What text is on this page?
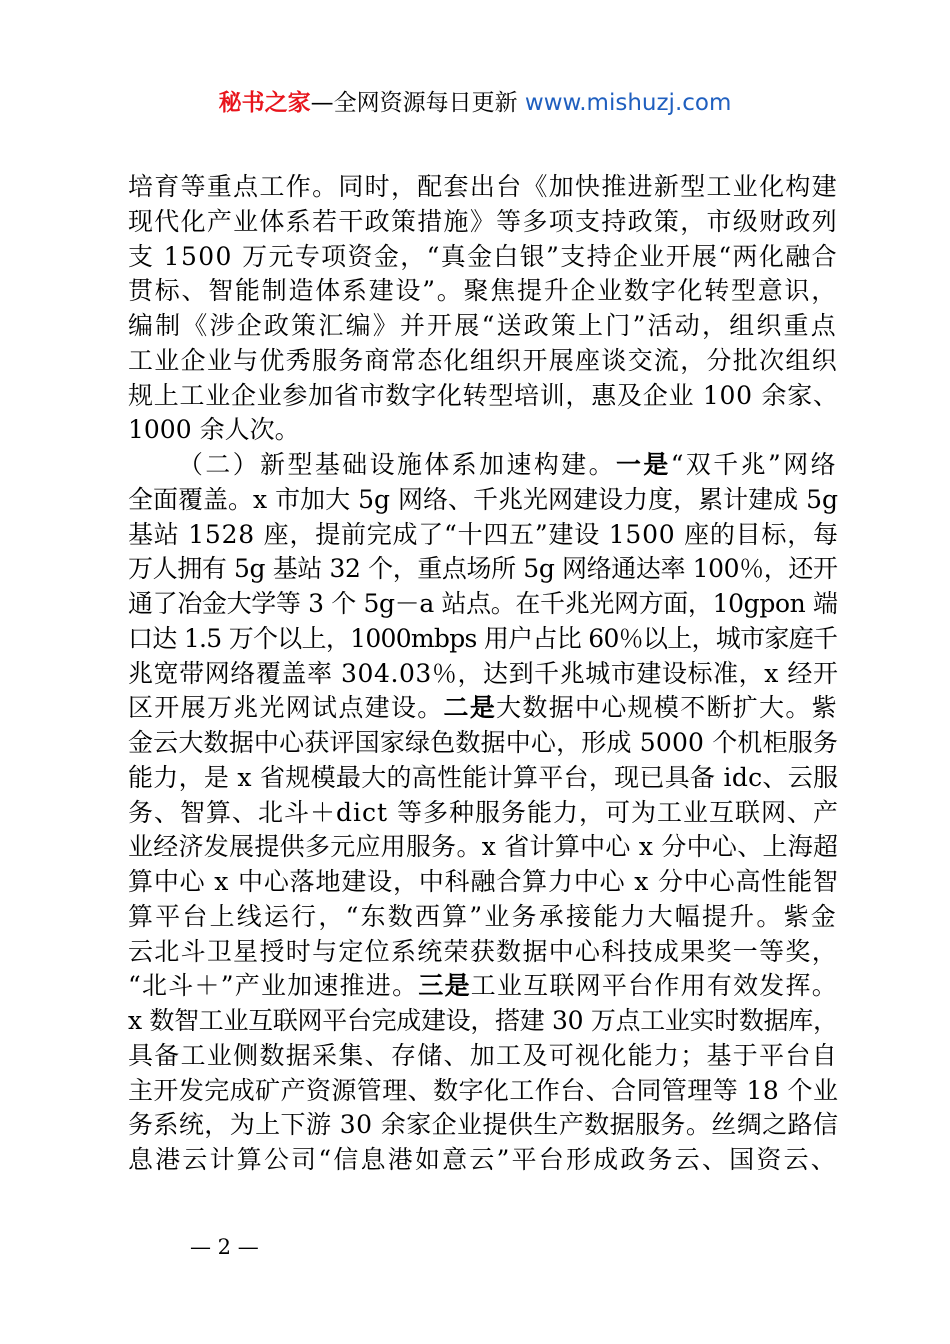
秘书之家—全网资源每日更新 www.mishuzj.com
培育等重点工作。同时，配套出台《加快推进新型工业化构建
现代化产业体系若干政策措施》等多项支持政策，市级财政列
支 1500 万元专项资金，“真金白银”支持企业开展“两化融合
贯标、智能制造体系建设”。聚焦提升企业数字化转型意识，
编制《涉企政策汇编》并开展“送政策上门”活动，组织重点
工业企业与优秀服务商常态化组织开展座谈交流，分批次组织
规上工业企业参加省市数字化转型培训，惠及企业 100 余家、
1000 余人次。
（二）新型基础设施体系加速构建。一是“双千兆”网络
全面覆盖。x 市加大 5g 网络、千兆光网建设力度，累计建成 5g
基站 1528 座，提前完成了“十四五”建设 1500 座的目标，每
万人拥有 5g 基站 32 个，重点场所 5g 网络通达率 100％，还开
通了冶金大学等 3 个 5g－a 站点。在千兆光网方面，10gpon 端
口达 1.5 万个以上，1000mbps 用户占比 60％以上，城市家庭千
兆宽带网络覆盖率 304.03％，达到千兆城市建设标准，x 经开
区开展万兆光网试点建设。二是大数据中心规模不断扩大。紫
金云大数据中心获评国家绿色数据中心，形成 5000 个机柜服务
能力，是 x 省规模最大的高性能计算平台，现已具备 idc、云服
务、智算、北斗＋dict 等多种服务能力，可为工业互联网、产
业经济发展提供多元应用服务。x 省计算中心 x 分中心、上海超
算中心 x 中心落地建设，中科融合算力中心 x 分中心高性能智
算平台上线运行，“东数西算”业务承接能力大幅提升。紫金
云北斗卫星授时与定位系统荣获数据中心科技成果奖一等奖，
“北斗＋”产业加速推进。三是工业互联网平台作用有效发挥。
x 数智工业互联网平台完成建设，搭建 30 万点工业实时数据库，
具备工业侧数据采集、存储、加工及可视化能力；基于平台自
主开发完成矿产资源管理、数字化工作台、合同管理等 18 个业
务系统，为上下游 30 余家企业提供生产数据服务。丝绸之路信
息港云计算公司“信息港如意云”平台形成政务云、国资云、
— 2 —
